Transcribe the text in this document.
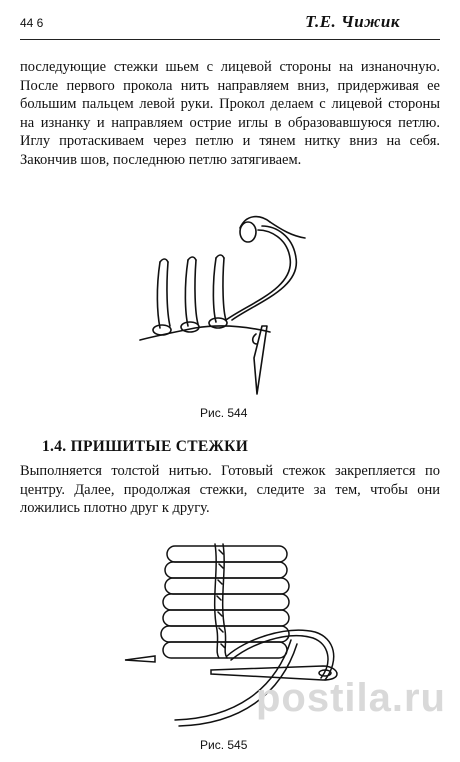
44 6	Т.Е. Чижик

последующие стежки шьем с лицевой стороны на изнаночную. После первого прокола нить направляем вниз, придерживая ее большим пальцем левой руки. Прокол делаем с лицевой стороны на изнанку и направляем острие иглы в образовавшуюся петлю. Иглу протаскиваем через петлю и тянем нитку вниз на себя. Закончив шов, последнюю петлю затягиваем.

Рис. 544
1.4. ПРИШИТЫЕ СТЕЖКИ

Выполняется толстой нитью. Готовый стежок закрепляется по центру. Далее, продолжая стежки, следите за тем, чтобы они ложились плотно друг к другу.

Рис. 545
postila.ru
